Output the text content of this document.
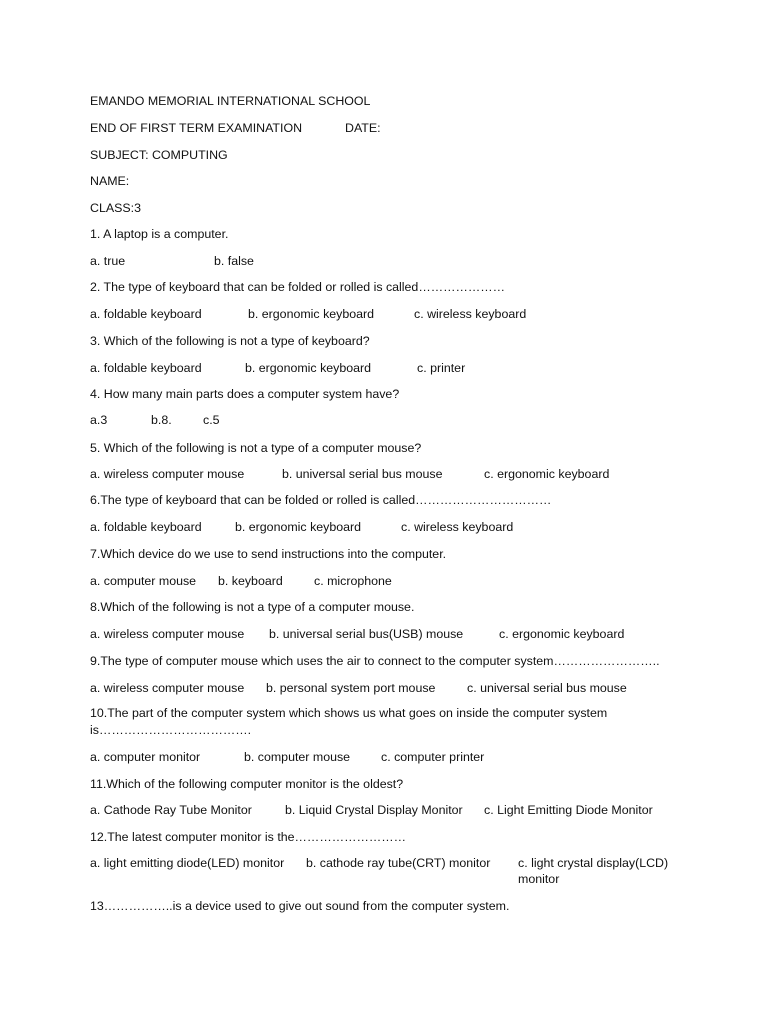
EMANDO MEMORIAL INTERNATIONAL SCHOOL
END OF FIRST TERM EXAMINATION	DATE:
SUBJECT: COMPUTING
NAME:
CLASS:3
1. A laptop is a computer.
a. true	b. false
2. The type of keyboard that can be folded or rolled is called…………………
a. foldable keyboard	b. ergonomic keyboard	c. wireless keyboard
3. Which of the following is not a type of keyboard?
a. foldable keyboard	b. ergonomic keyboard	c. printer
4. How many main parts does a computer system have?
a.3	b.8.	c.5
5. Which of the following is not a type of a computer mouse?
a. wireless computer mouse	b. universal serial bus mouse	c. ergonomic keyboard
6.The type of keyboard that can be folded or rolled is called……………………………
a. foldable keyboard	b. ergonomic keyboard	c. wireless keyboard
7.Which device do we use to send instructions into the computer.
a. computer mouse b. keyboard	c. microphone
8.Which of the following is not a type of a computer mouse.
a. wireless computer mouse b. universal serial bus(USB) mouse	c. ergonomic keyboard
9.The type of computer mouse which uses the air to connect to the computer system……………………..
a. wireless computer mouse b. personal system port mouse	c. universal serial bus mouse
10.The part of the computer system which shows us what goes on inside the computer system is……………………………….
a. computer monitor	b. computer mouse c. computer printer
11.Which of the following computer monitor is the oldest?
a. Cathode Ray Tube Monitor	b. Liquid Crystal Display Monitor c. Light Emitting Diode Monitor
12.The latest computer monitor is the………………………
a. light emitting diode(LED) monitor b. cathode ray tube(CRT) monitor c. light crystal display(LCD) monitor
13……………..is a device used to give out sound from the computer system.
